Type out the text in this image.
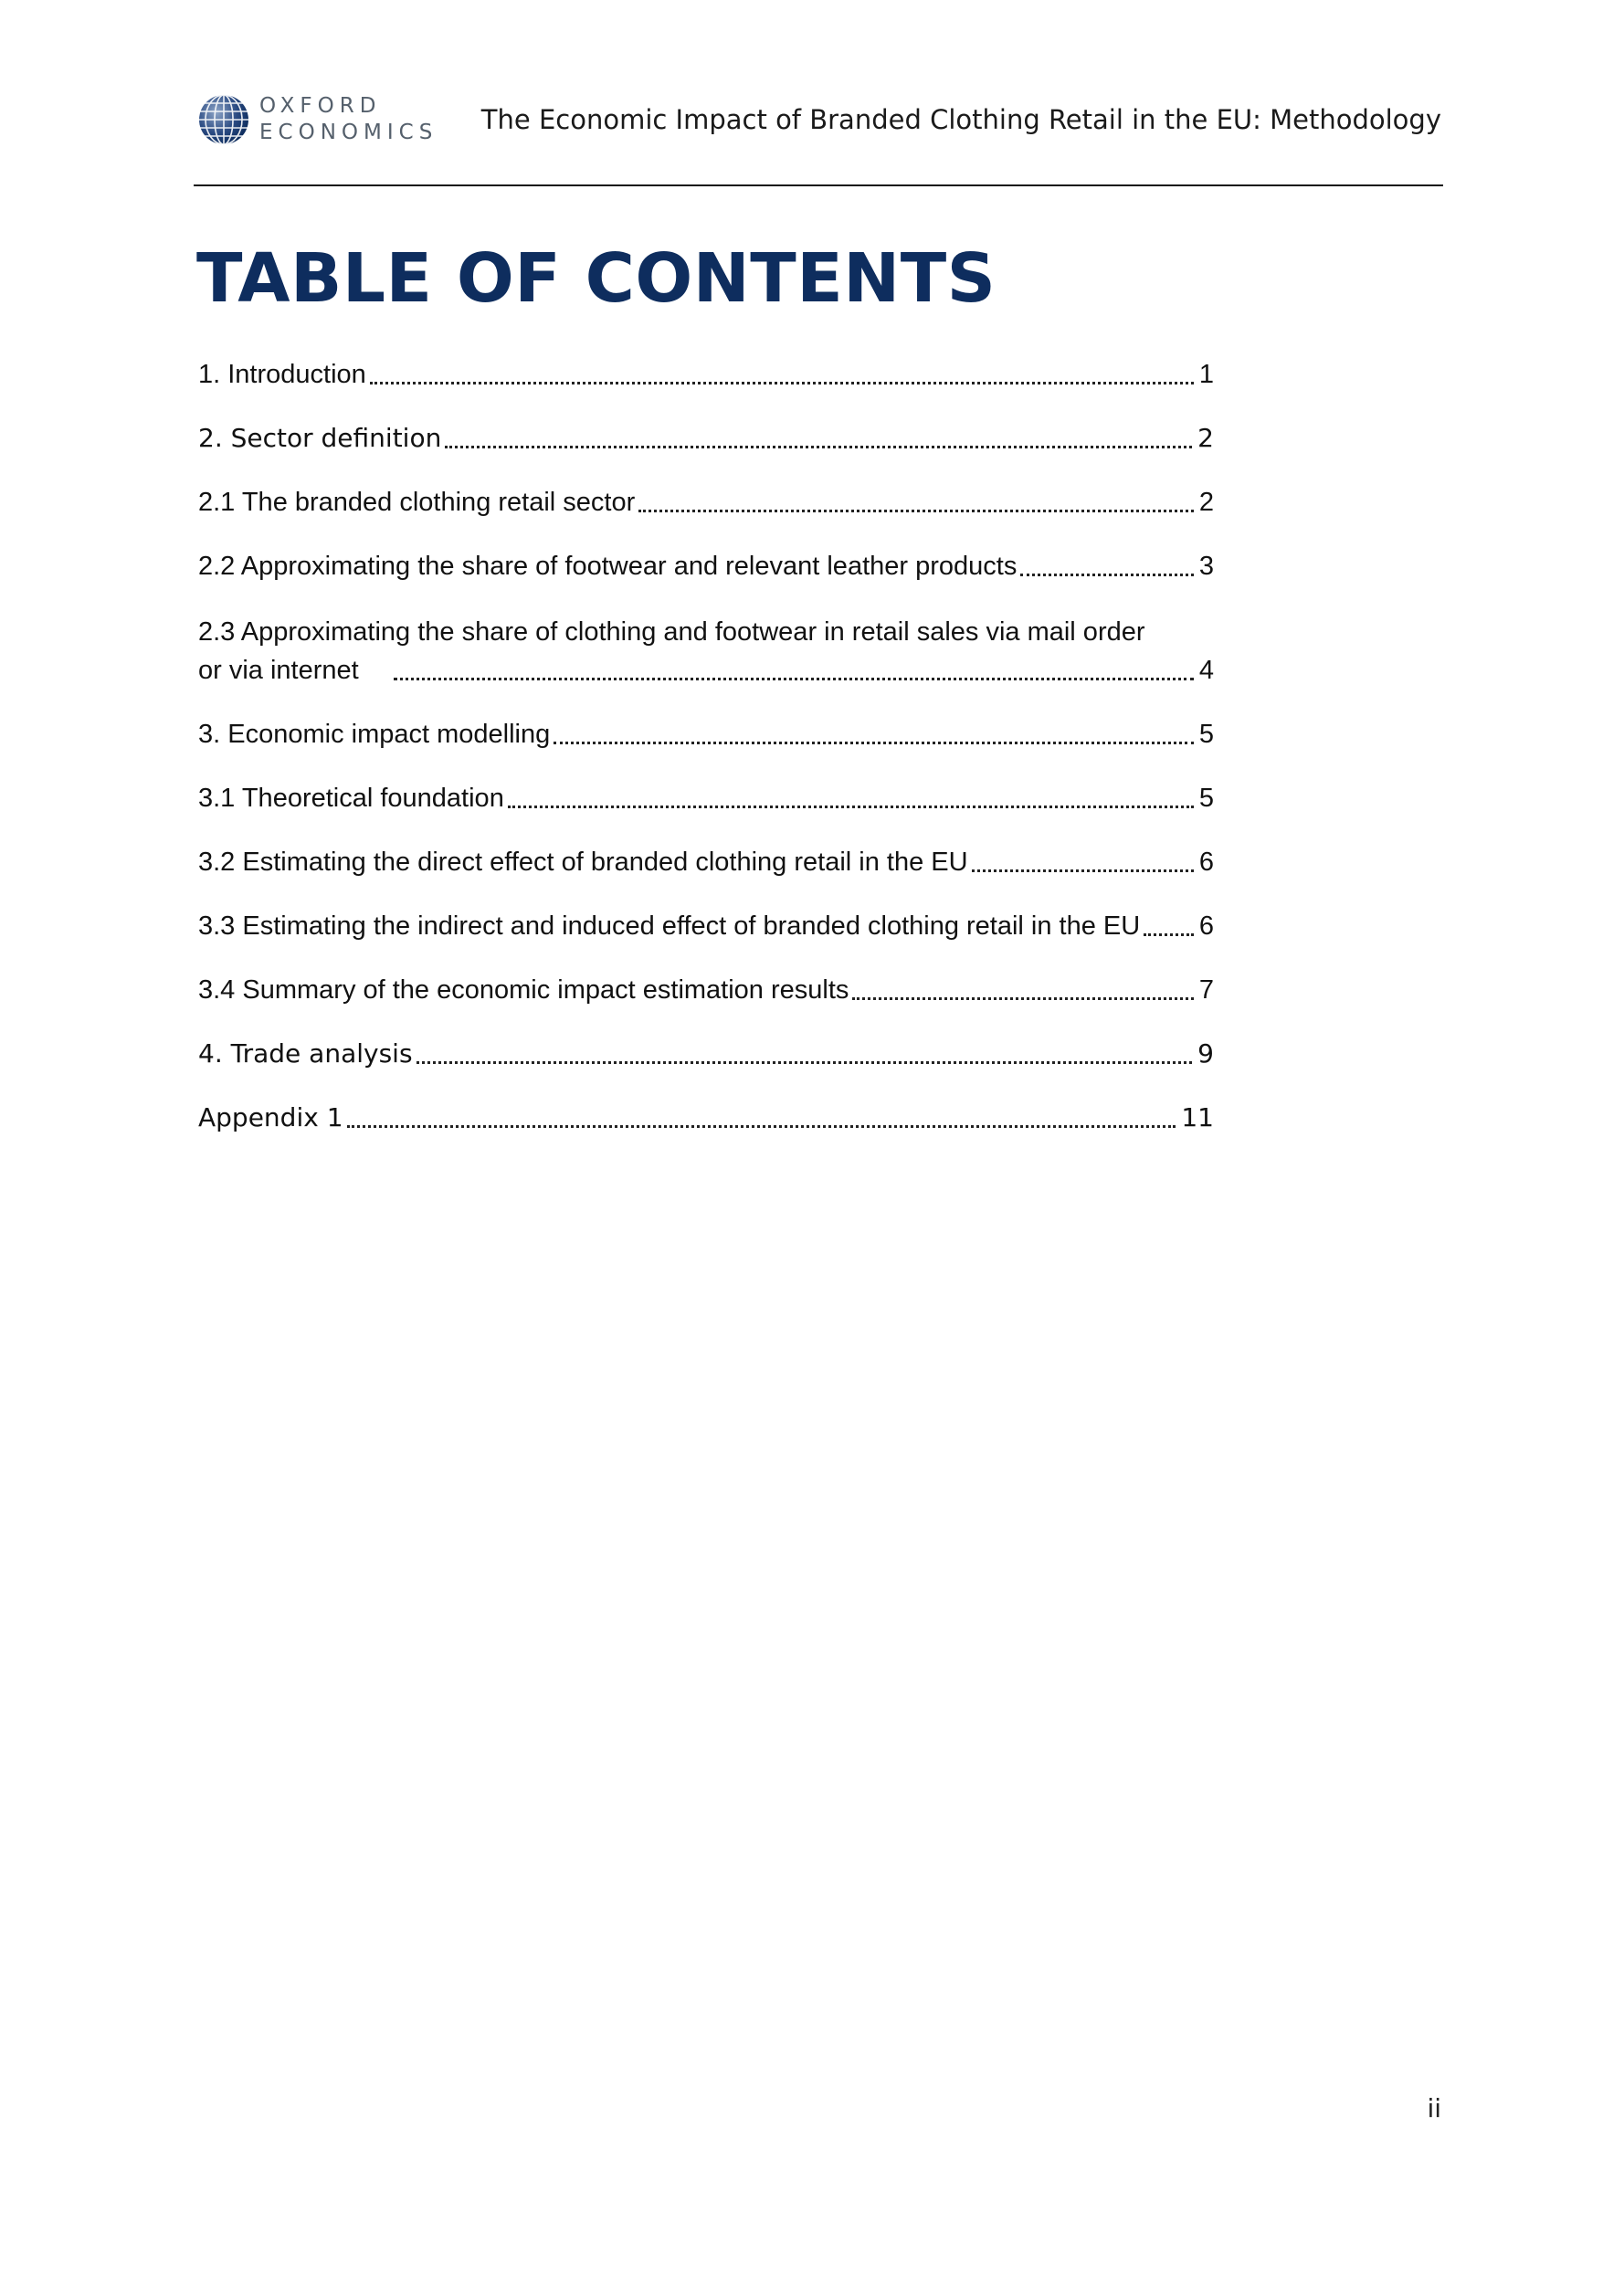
OXFORD
ECONOMICS The Economic Impact of Branded Clothing Retail in the EU: Methodology
TABLE OF CONTENTS
1. Introduction	1
2. Sector definition	2
2.1 The branded clothing retail sector	2
2.2 Approximating the share of footwear and relevant leather products	3
2.3 Approximating the share of clothing and footwear in retail sales via mail order
or via internet	4
3. Economic impact modelling	5
3.1 Theoretical foundation	5
3.2 Estimating the direct effect of branded clothing retail in the EU	6
3.3 Estimating the indirect and induced effect of branded clothing retail in the EU 6
3.4 Summary of the economic impact estimation results	7
4. Trade analysis	9
Appendix 1	11
ii
